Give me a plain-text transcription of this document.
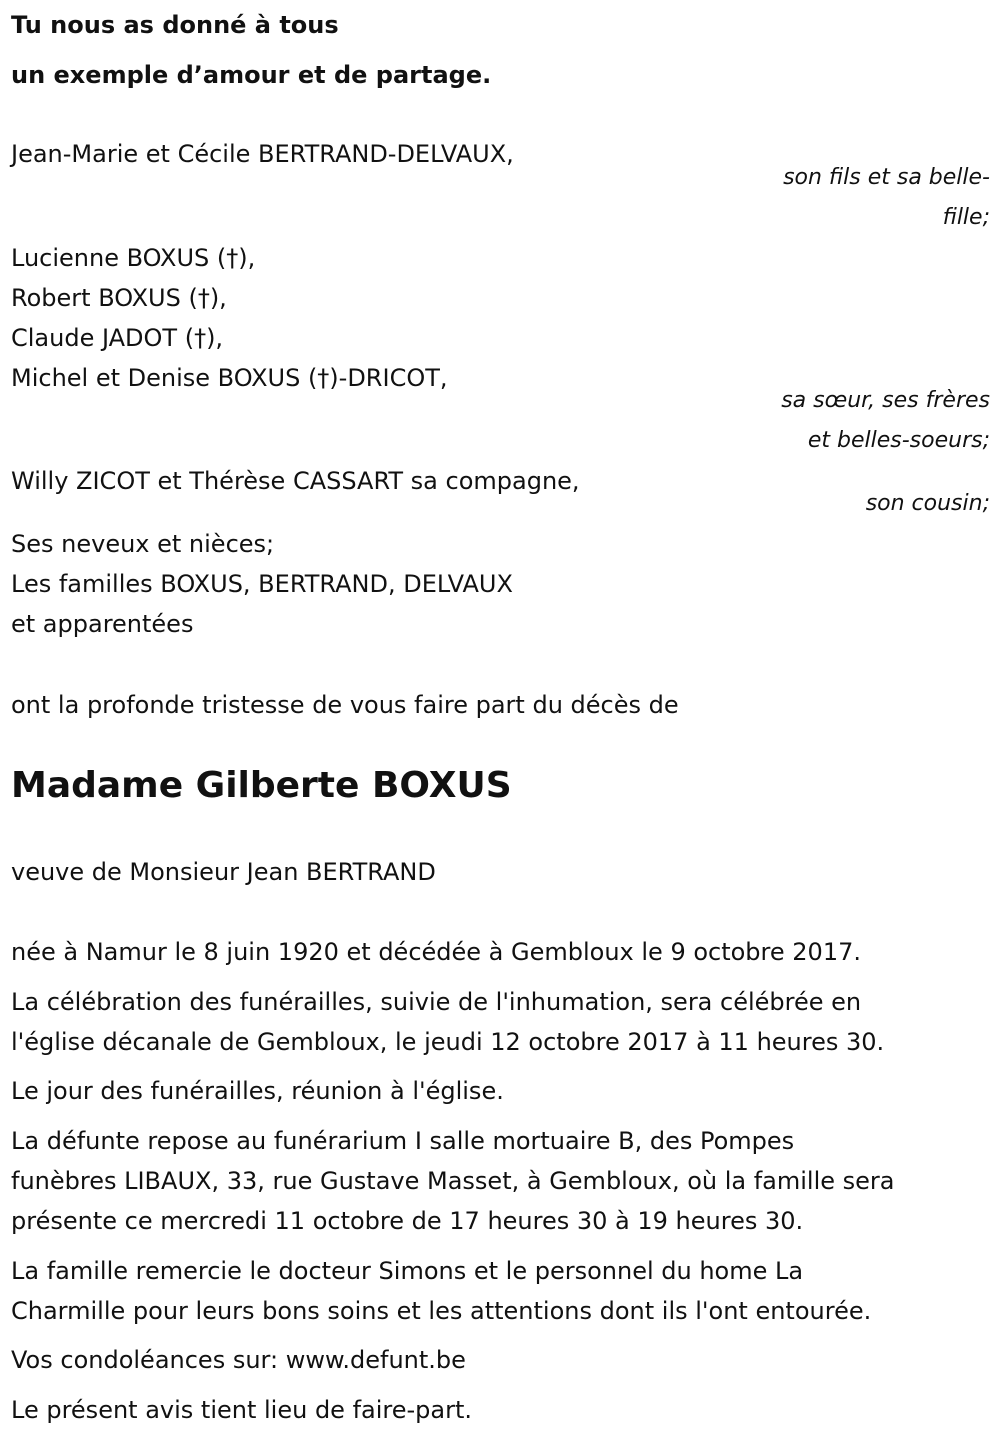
Tu nous as donné à tous

un exemple d’amour et de partage.

Jean-Marie et Cécile BERTRAND-DELVAUX,

son fils et sa belle-

fille;

Lucienne BOXUS (†),

Robert BOXUS (†),

Claude JADOT (†),

Michel et Denise BOXUS (†)-DRICOT,

sa sœur, ses frères

et belles-soeurs;

Willy ZICOT et Thérèse CASSART sa compagne,

son cousin;

Ses neveux et nièces;

Les familles BOXUS, BERTRAND, DELVAUX

et apparentées

ont la profonde tristesse de vous faire part du décès de

Madame Gilberte BOXUS

veuve de Monsieur Jean BERTRAND

née à Namur le 8 juin 1920 et décédée à Gembloux le 9 octobre 2017.

La célébration des funérailles, suivie de l'inhumation, sera célébrée en

l'église décanale de Gembloux, le jeudi 12 octobre 2017 à 11 heures 30.

Le jour des funérailles, réunion à l'église.

La défunte repose au funérarium I salle mortuaire B, des Pompes

funèbres LIBAUX, 33, rue Gustave Masset, à Gembloux, où la famille sera

présente ce mercredi 11 octobre de 17 heures 30 à 19 heures 30.

La famille remercie le docteur Simons et le personnel du home La

Charmille pour leurs bons soins et les attentions dont ils l'ont entourée.

Vos condoléances sur: www.defunt.be

Le présent avis tient lieu de faire-part.
